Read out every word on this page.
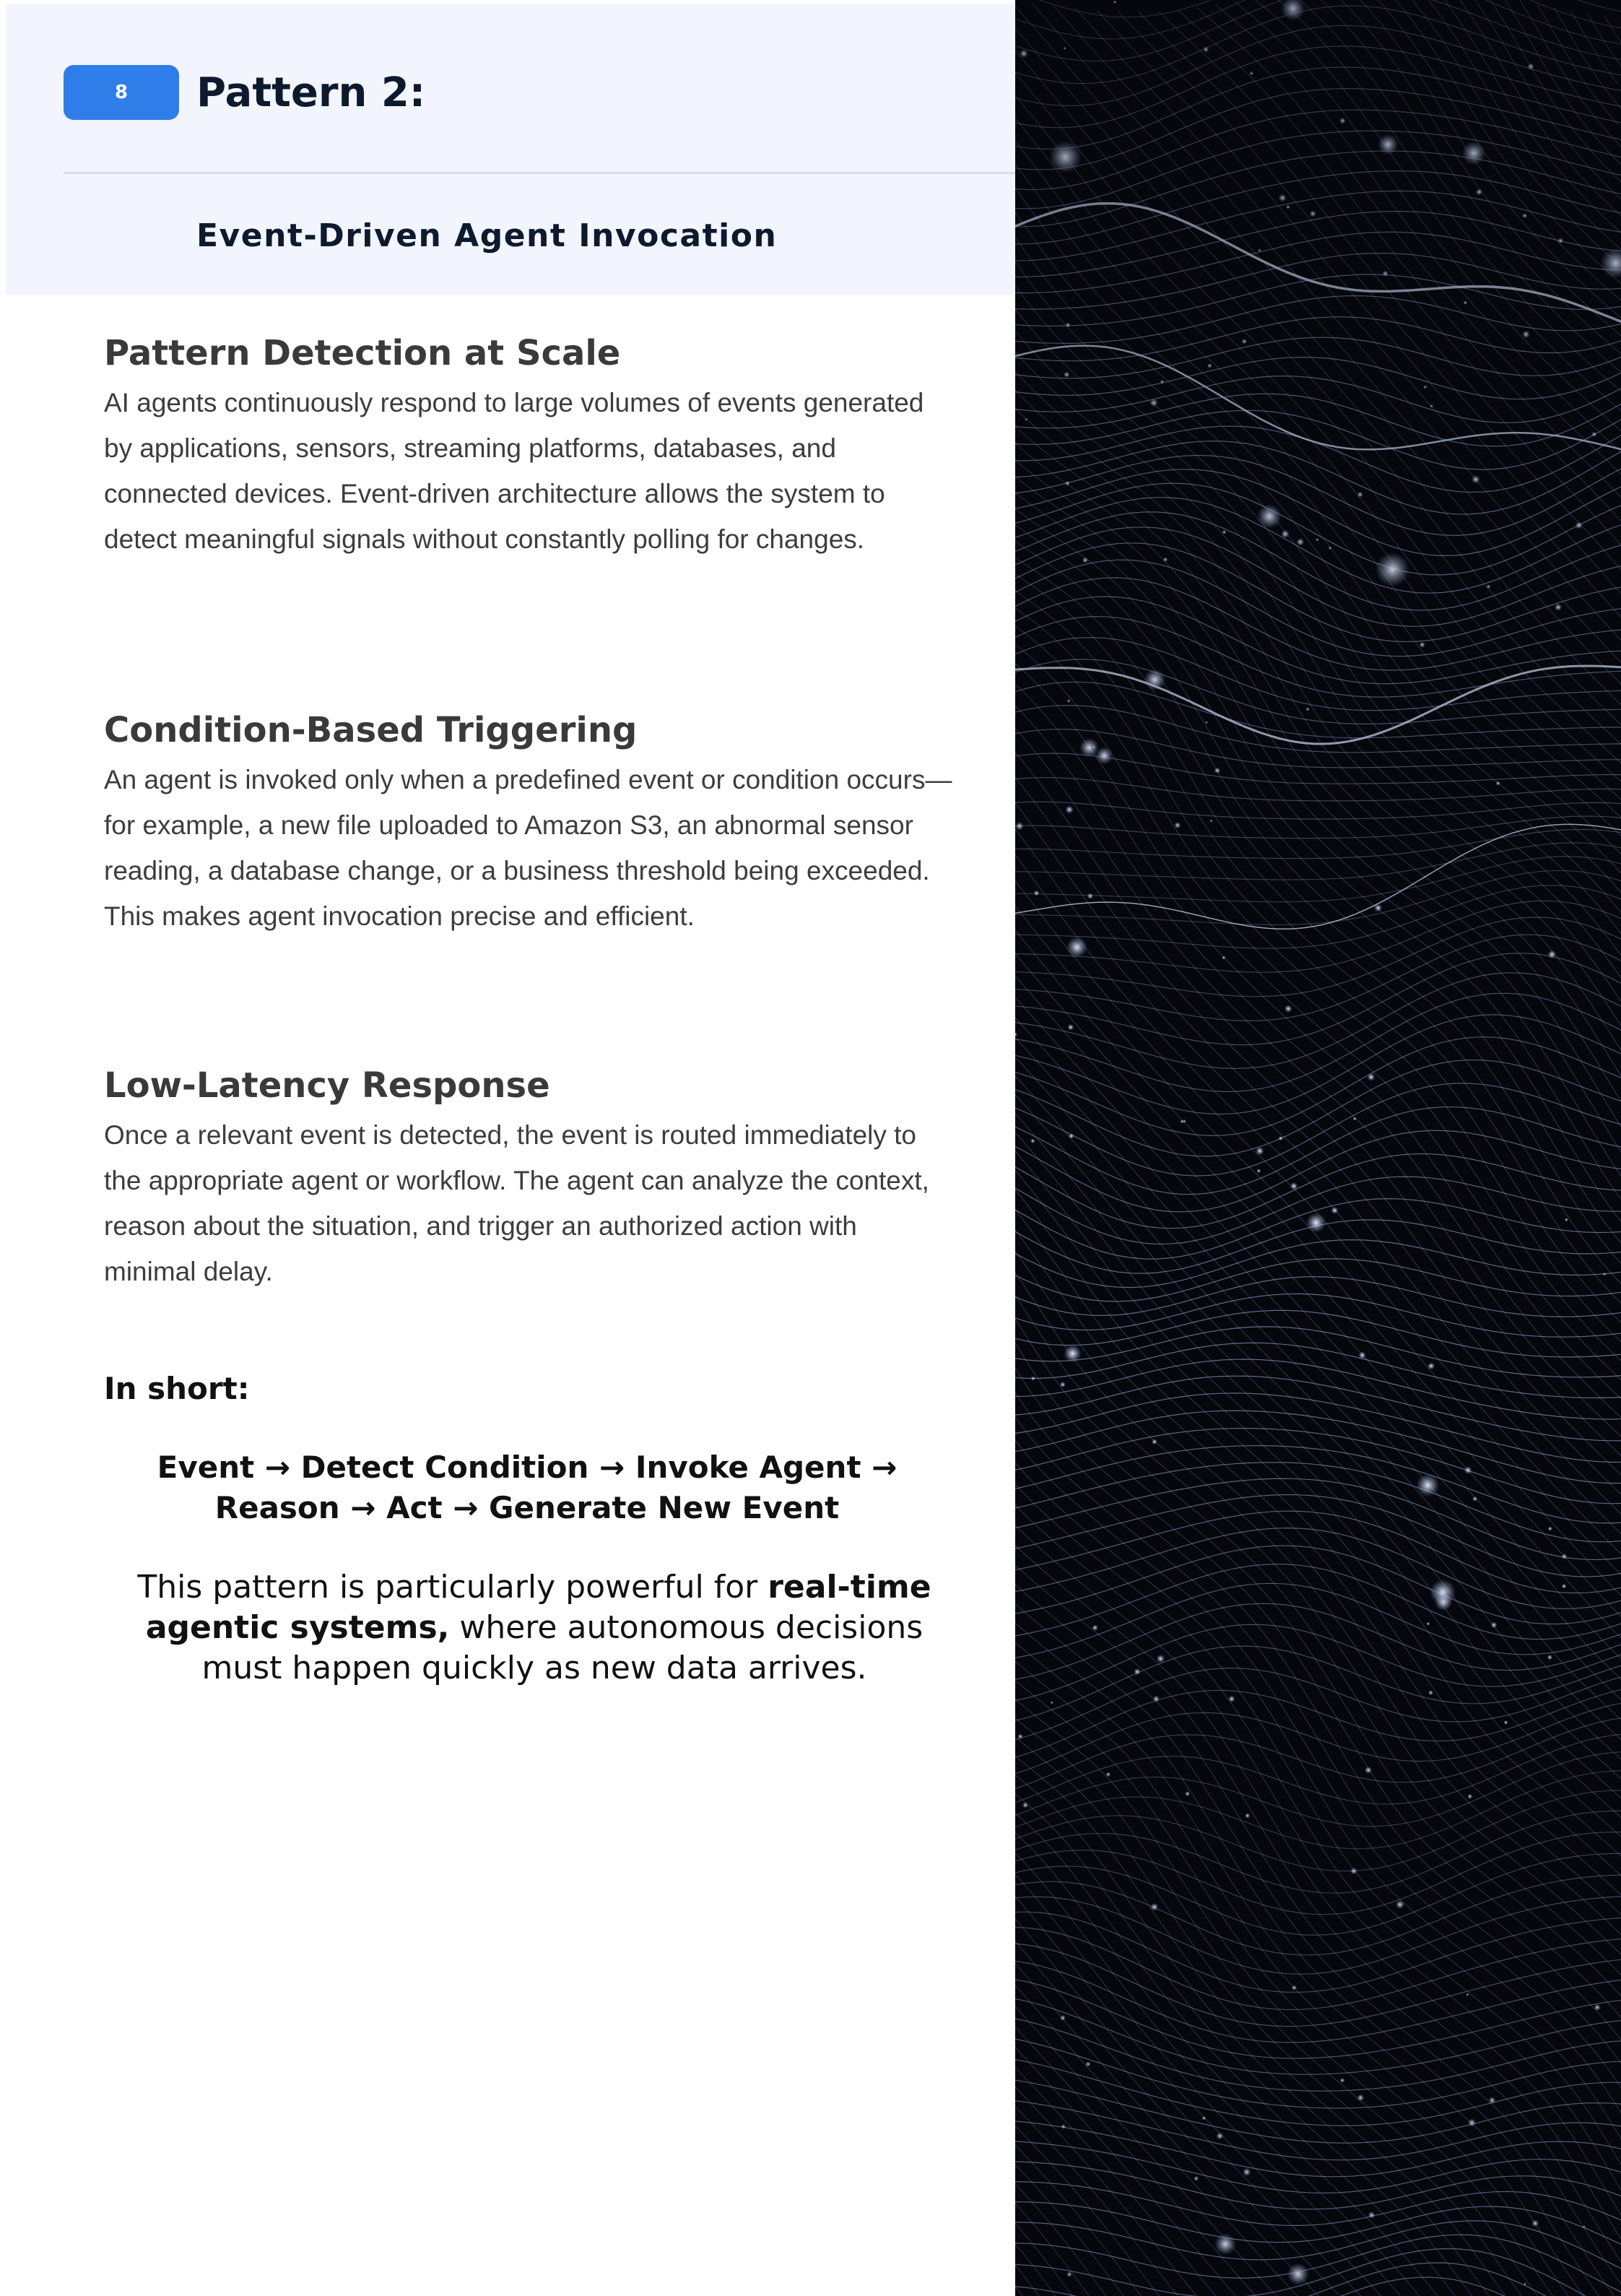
8	Pattern 2:
Event-Driven Agent Invocation
Pattern Detection at Scale

AI agents continuously respond to large volumes of events generated by applications, sensors, streaming platforms, databases, and connected devices. Event-driven architecture allows the system to detect meaningful signals without constantly polling for changes.

Condition-Based Triggering

An agent is invoked only when a predefined event or condition occurs—for example, a new file uploaded to Amazon S3, an abnormal sensor reading, a database change, or a business threshold being exceeded. This makes agent invocation precise and efficient.

Low-Latency Response

Once a relevant event is detected, the event is routed immediately to the appropriate agent or workflow. The agent can analyze the context, reason about the situation, and trigger an authorized action with minimal delay.

In short:

Event → Detect Condition → Invoke Agent → Reason → Act → Generate New Event

This pattern is particularly powerful for real-time agentic systems, where autonomous decisions must happen quickly as new data arrives.
